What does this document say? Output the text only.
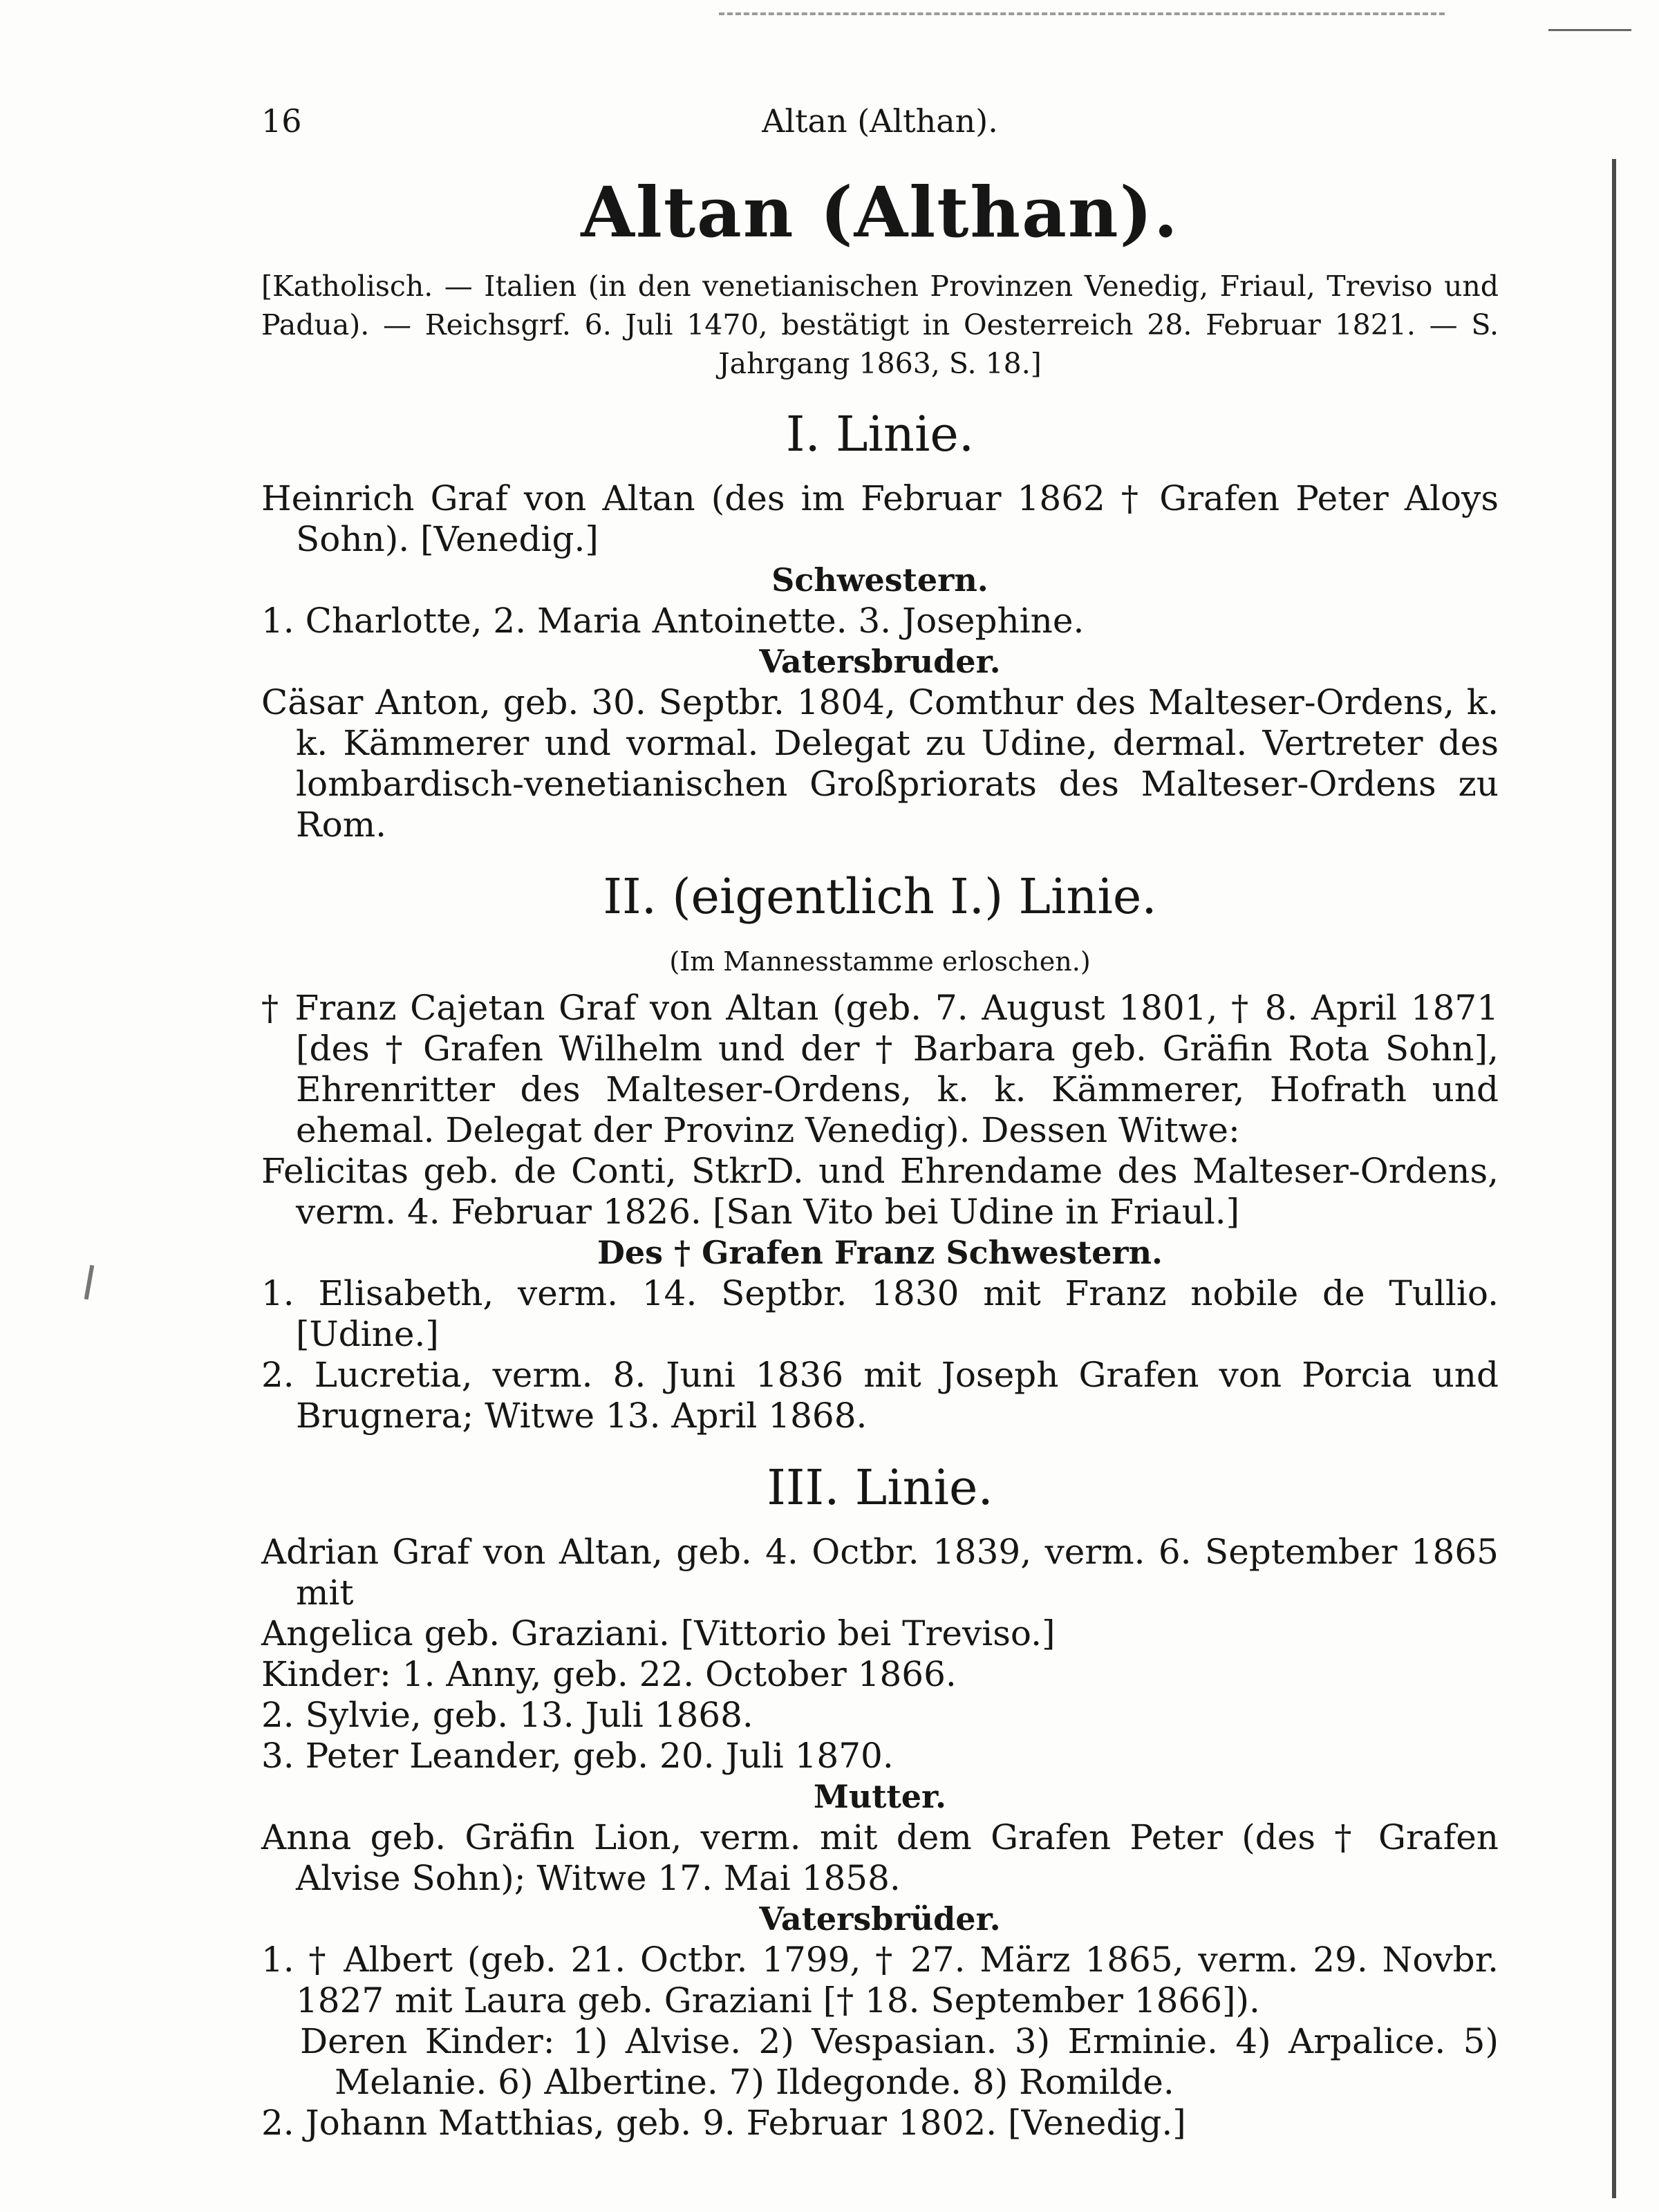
16	Altan (Althan).
Altan (Althan).
[Katholisch. — Italien (in den venetianischen Provinzen Venedig, Friaul, Treviso und Padua). — Reichsgrf. 6. Juli 1470, bestätigt in Oesterreich 28. Februar 1821. — S. Jahrgang 1863, S. 18.]
I. Linie.
Heinrich Graf von Altan (des im Februar 1862 † Grafen Peter Aloys Sohn). [Venedig.]
Schwestern.
1. Charlotte, 2. Maria Antoinette. 3. Josephine.
Vatersbruder.
Cäsar Anton, geb. 30. Septbr. 1804, Comthur des Malteser-Ordens, k. k. Kämmerer und vormal. Delegat zu Udine, dermal. Vertreter des lombardisch-venetianischen Großpriorats des Malteser-Ordens zu Rom.
II. (eigentlich I.) Linie.
(Im Mannesstamme erloschen.)
† Franz Cajetan Graf von Altan (geb. 7. August 1801, † 8. April 1871 [des † Grafen Wilhelm und der † Barbara geb. Gräfin Rota Sohn], Ehrenritter des Malteser-Ordens, k. k. Kämmerer, Hofrath und ehemal. Delegat der Provinz Venedig). Dessen Witwe:
Felicitas geb. de Conti, StkrD. und Ehrendame des Malteser-Ordens, verm. 4. Februar 1826. [San Vito bei Udine in Friaul.]
Des † Grafen Franz Schwestern.
1. Elisabeth, verm. 14. Septbr. 1830 mit Franz nobile de Tullio. [Udine.]
2. Lucretia, verm. 8. Juni 1836 mit Joseph Grafen von Porcia und Brugnera; Witwe 13. April 1868.
III. Linie.
Adrian Graf von Altan, geb. 4. Octbr. 1839, verm. 6. September 1865 mit
Angelica geb. Graziani. [Vittorio bei Treviso.]
Kinder: 1. Anny, geb. 22. October 1866.
2. Sylvie, geb. 13. Juli 1868.
3. Peter Leander, geb. 20. Juli 1870.
Mutter.
Anna geb. Gräfin Lion, verm. mit dem Grafen Peter (des † Grafen Alvise Sohn); Witwe 17. Mai 1858.
Vatersbrüder.
1. † Albert (geb. 21. Octbr. 1799, † 27. März 1865, verm. 29. Novbr. 1827 mit Laura geb. Graziani [† 18. September 1866]).
Deren Kinder: 1) Alvise. 2) Vespasian. 3) Erminie. 4) Arpalice. 5) Melanie. 6) Albertine. 7) Ildegonde. 8) Romilde.
2. Johann Matthias, geb. 9. Februar 1802. [Venedig.]
